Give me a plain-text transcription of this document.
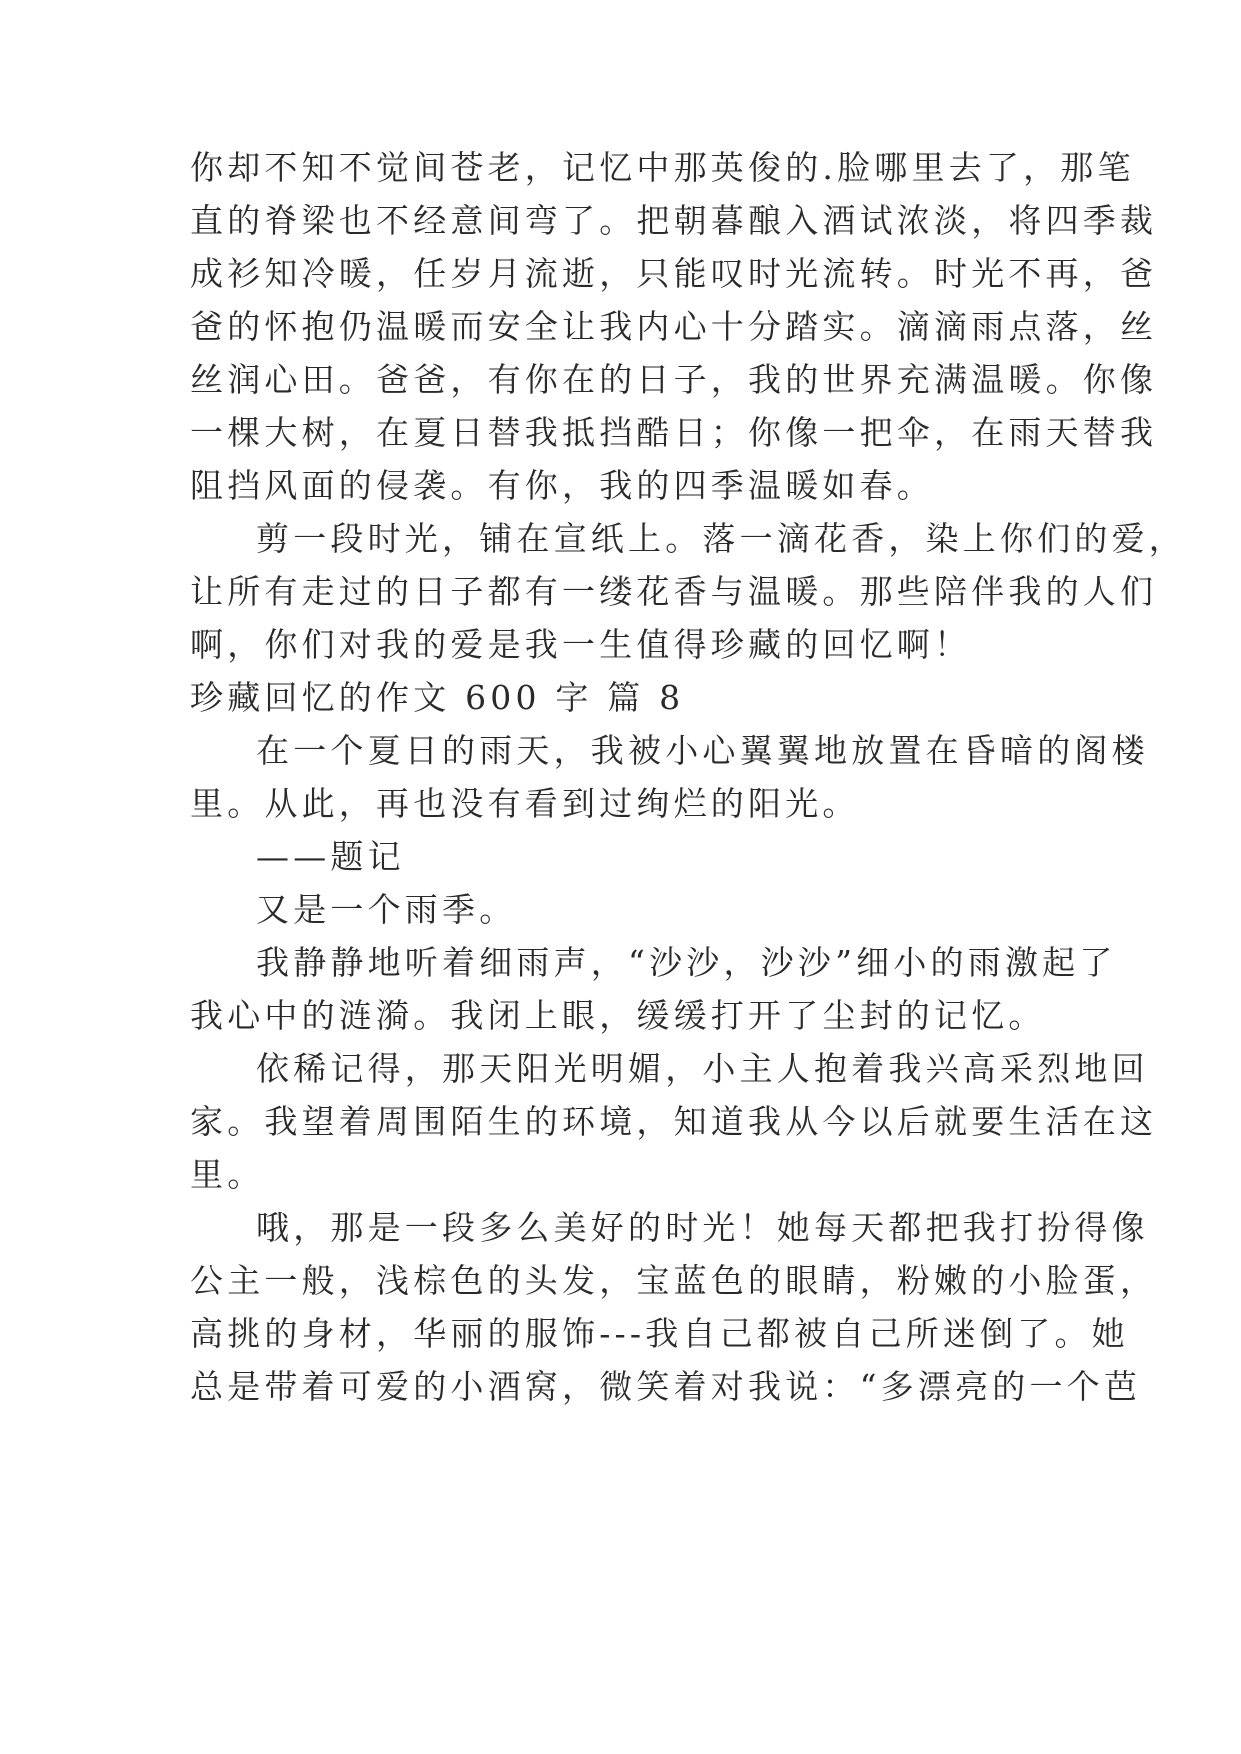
你却不知不觉间苍老，记忆中那英俊的.脸哪里去了，那笔
直的脊梁也不经意间弯了。把朝暮酿入酒试浓淡，将四季裁
成衫知冷暖，任岁月流逝，只能叹时光流转。时光不再，爸
爸的怀抱仍温暖而安全让我内心十分踏实。滴滴雨点落，丝
丝润心田。爸爸，有你在的日子，我的世界充满温暖。你像
一棵大树，在夏日替我抵挡酷日；你像一把伞，在雨天替我
阻挡风面的侵袭。有你，我的四季温暖如春。
剪一段时光，铺在宣纸上。落一滴花香，染上你们的爱，
让所有走过的日子都有一缕花香与温暖。那些陪伴我的人们
啊，你们对我的爱是我一生值得珍藏的回忆啊！
珍藏回忆的作文 600 字 篇 8
在一个夏日的雨天，我被小心翼翼地放置在昏暗的阁楼
里。从此，再也没有看到过绚烂的阳光。
——题记
又是一个雨季。
我静静地听着细雨声，“沙沙，沙沙”细小的雨激起了
我心中的涟漪。我闭上眼，缓缓打开了尘封的记忆。
依稀记得，那天阳光明媚，小主人抱着我兴高采烈地回
家。我望着周围陌生的环境，知道我从今以后就要生活在这
里。
哦，那是一段多么美好的时光！她每天都把我打扮得像
公主一般，浅棕色的头发，宝蓝色的眼睛，粉嫩的小脸蛋，
高挑的身材，华丽的服饰---我自己都被自己所迷倒了。她
总是带着可爱的小酒窝，微笑着对我说：“多漂亮的一个芭
